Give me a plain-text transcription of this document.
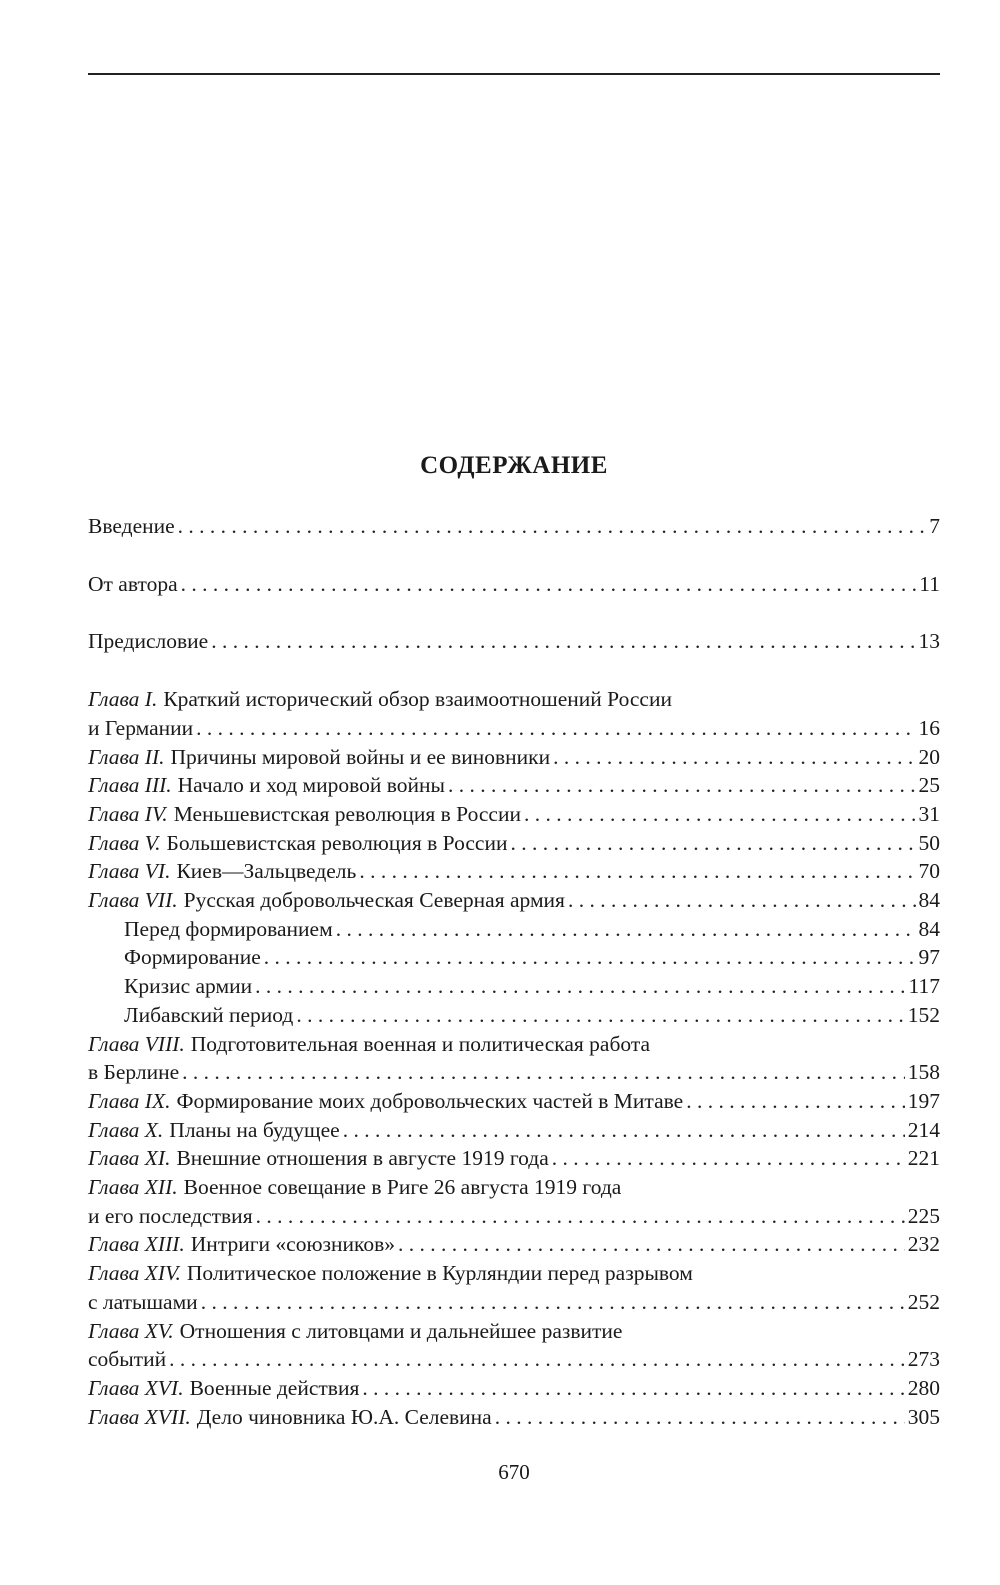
СОДЕРЖАНИЕ
Введение . . .	7
От автора . . .	11
Предисловие . . .	13
Глава I. Краткий исторический обзор взаимоотношений России
и Германии . . .	16
Глава II. Причины мировой войны и ее виновники . . .	20
Глава III. Начало и ход мировой войны . . .	25
Глава IV. Меньшевистская революция в России . . .	31
Глава V. Большевистская революция в России . . .	50
Глава VI. Киев—Зальцведель . . .	70
Глава VII. Русская добровольческая Северная армия . . .	84
Перед формированием . . .	84
Формирование . . .	97
Кризис армии . . .	117
Либавский период . . .	152
Глава VIII. Подготовительная военная и политическая работа
в Берлине . . .	158
Глава IX. Формирование моих добровольческих частей в Митаве . . .	197
Глава X. Планы на будущее . . .	214
Глава XI. Внешние отношения в августе 1919 года . . .	221
Глава XII. Военное совещание в Риге 26 августа 1919 года
и его последствия . . .	225
Глава XIII. Интриги «союзников» . . .	232
Глава XIV. Политическое положение в Курляндии перед разрывом
с латышами . . .	252
Глава XV. Отношения с литовцами и дальнейшее развитие
событий . . .	273
Глава XVI. Военные действия . . .	280
Глава XVII. Дело чиновника Ю.А. Селевина . . .	305
670
